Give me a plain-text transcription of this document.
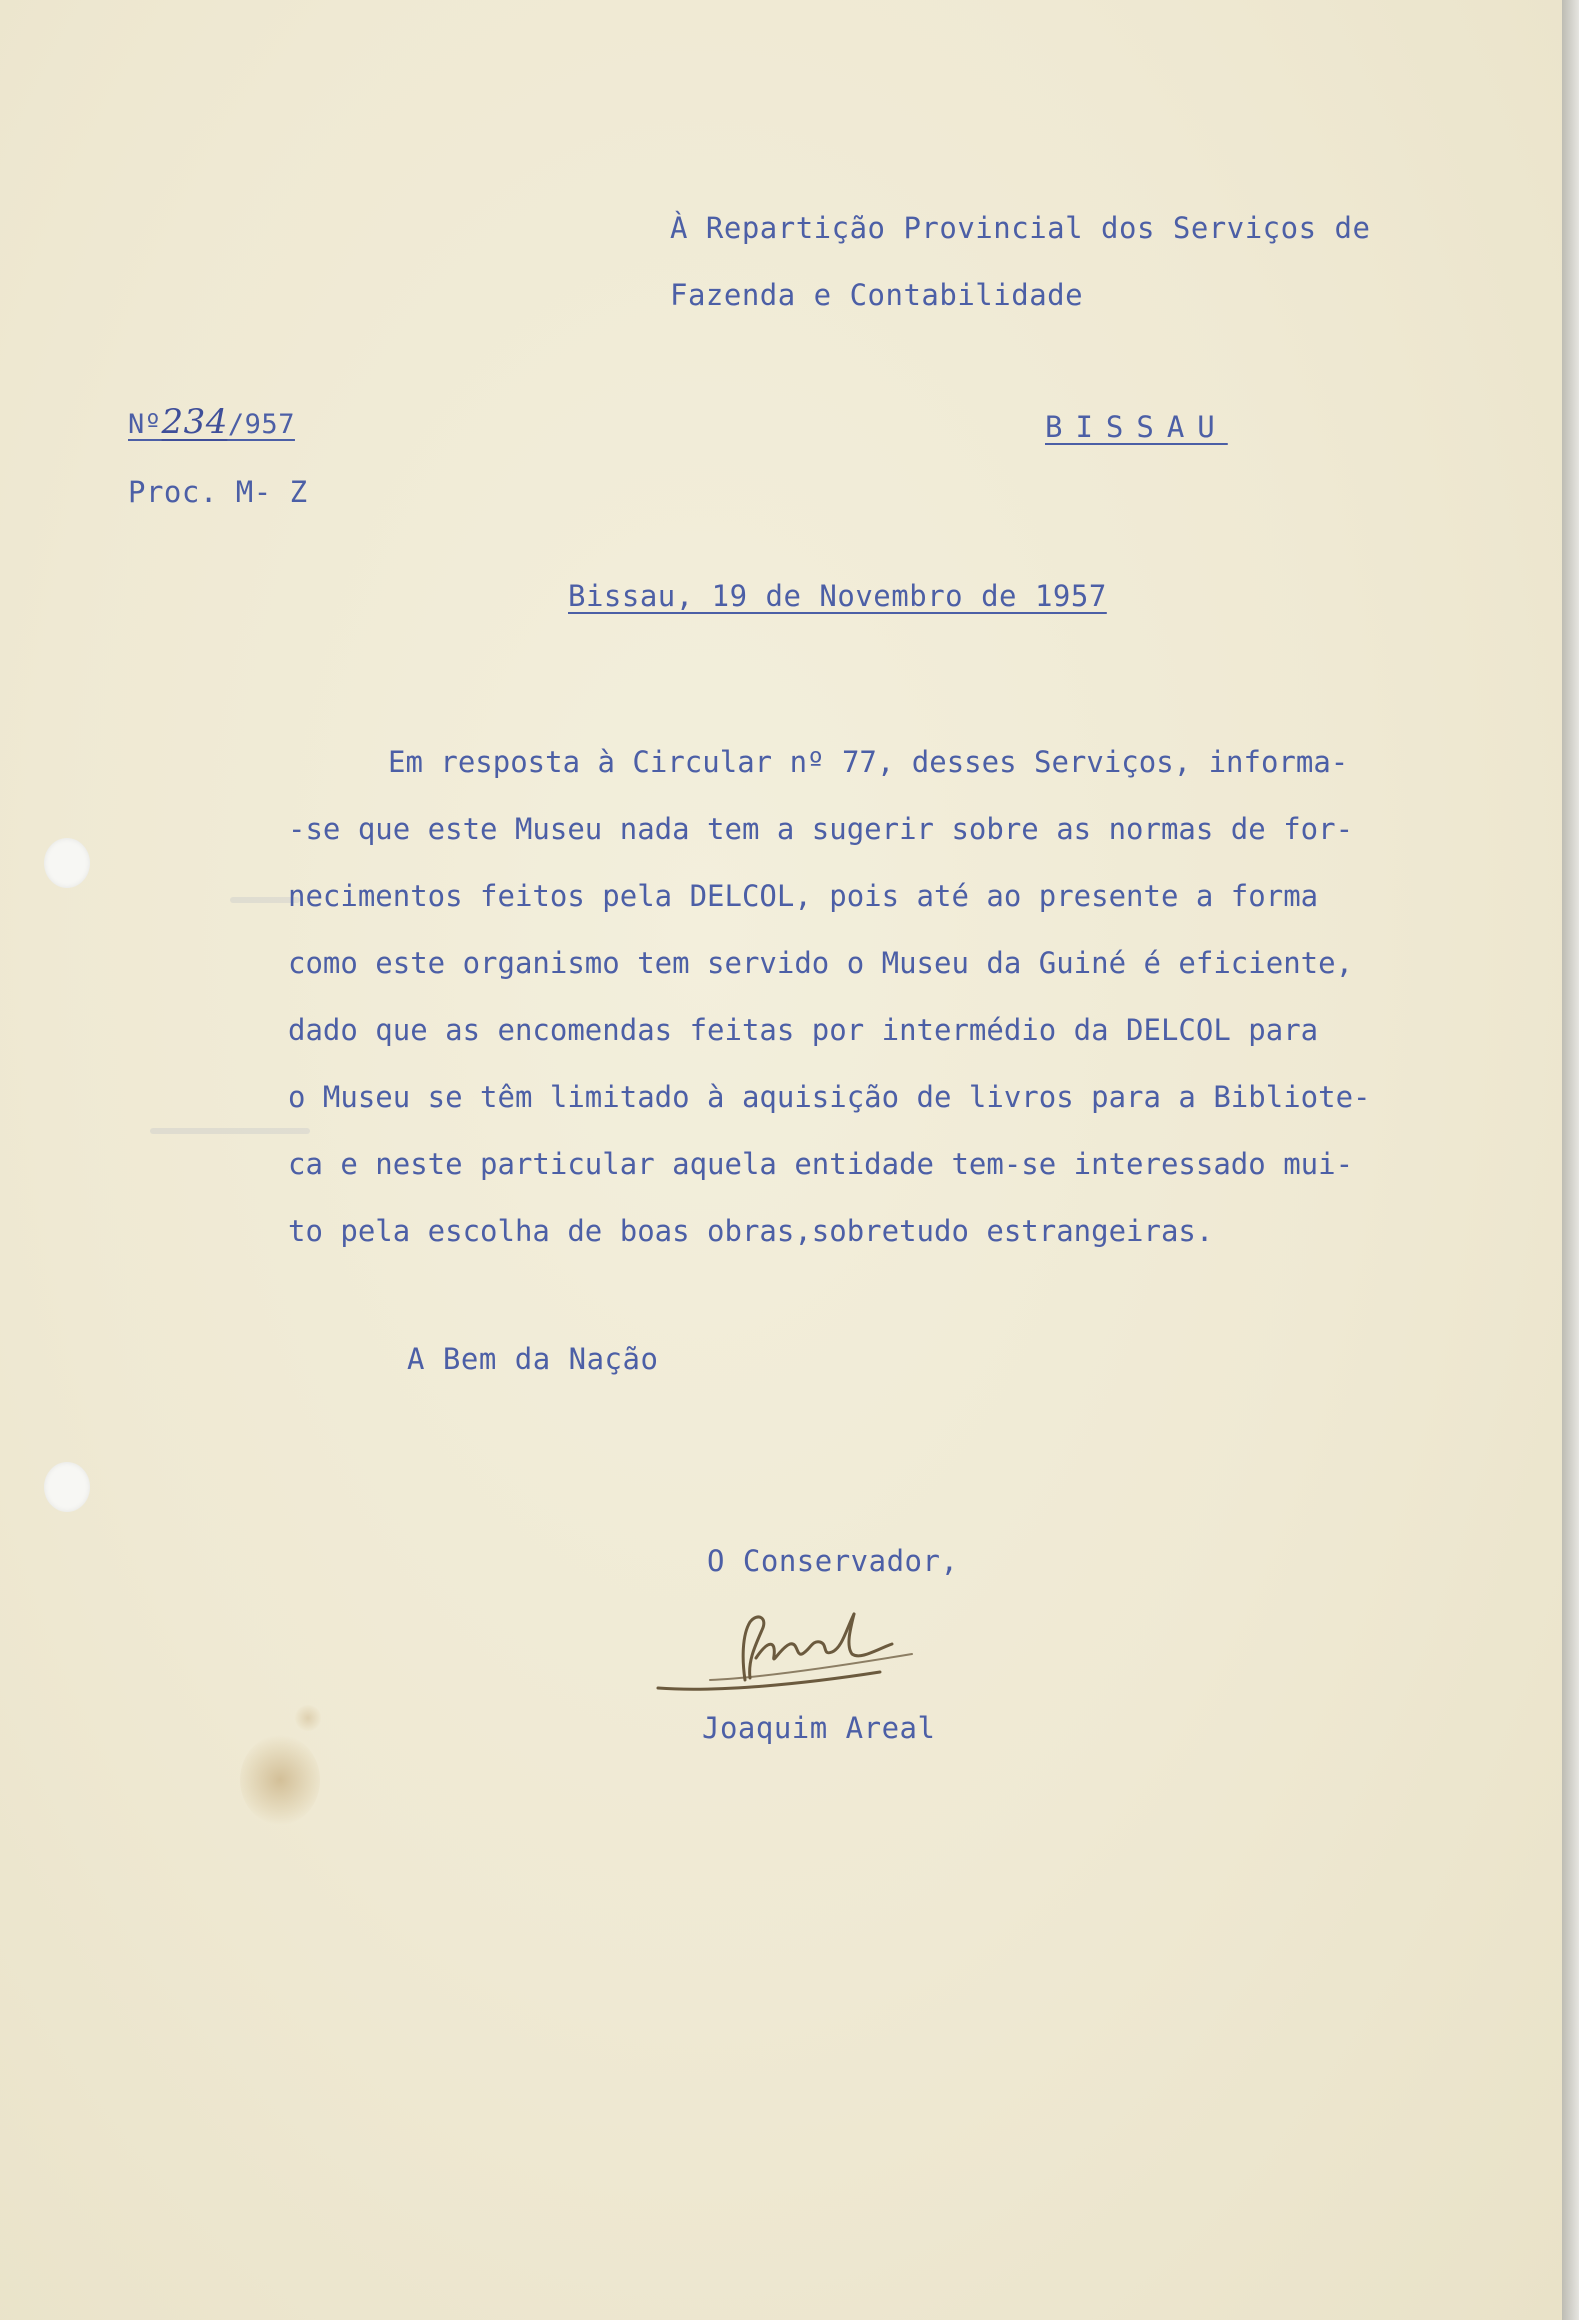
À Repartição Provincial dos Serviços de
Fazenda e Contabilidade
Nº234/957
Proc. M- Z
BISSAU
Bissau, 19 de Novembro de 1957
Em resposta à Circular nº 77, desses Serviços, informa-
-se que este Museu nada tem a sugerir sobre as normas de for-
necimentos feitos pela DELCOL, pois até ao presente a forma
como este organismo tem servido o Museu da Guiné é eficiente,
dado que as encomendas feitas por intermédio da DELCOL para
o Museu se têm limitado à aquisição de livros para a Bibliote-
ca e neste particular aquela entidade tem-se interessado mui-
to pela escolha de boas obras,sobretudo estrangeiras.
A Bem da Nação
O Conservador,
Joaquim Areal
